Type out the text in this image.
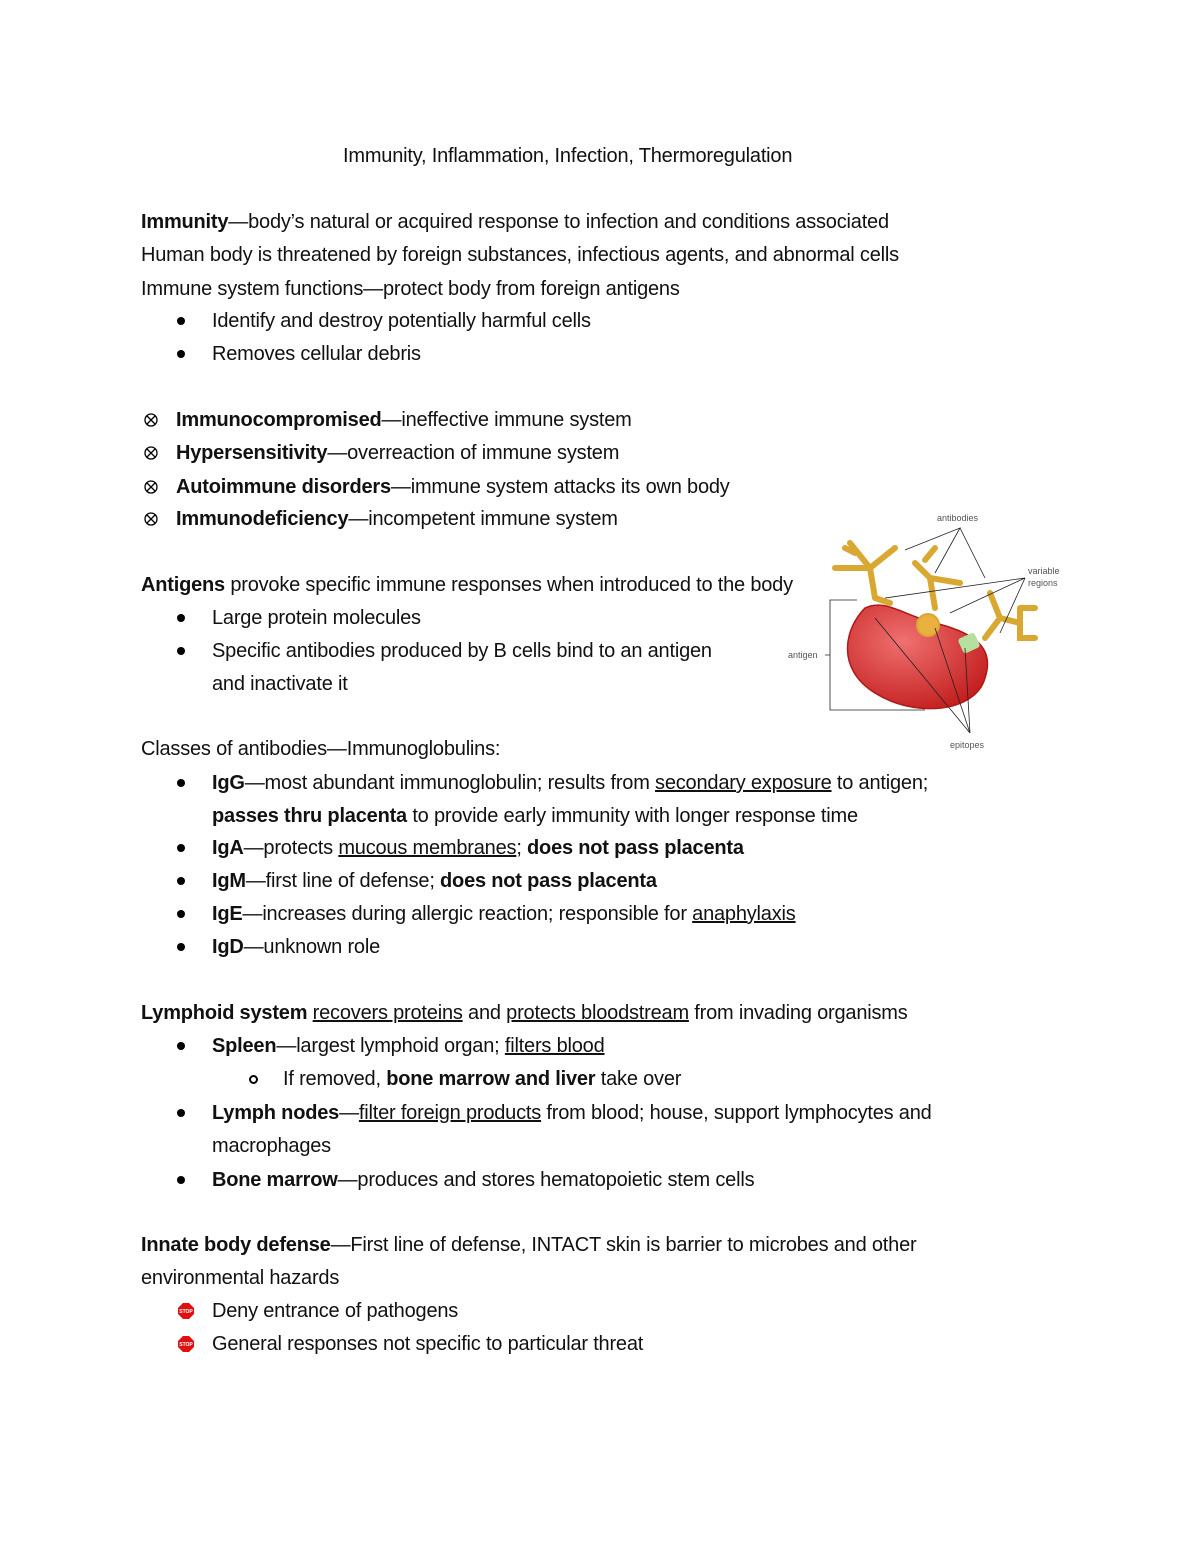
Immunity, Inflammation, Infection, Thermoregulation
Immunity—body’s natural or acquired response to infection and conditions associated
Human body is threatened by foreign substances, infectious agents, and abnormal cells
Immune system functions—protect body from foreign antigens
Identify and destroy potentially harmful cells
Removes cellular debris
Immunocompromised—ineffective immune system
Hypersensitivity—overreaction of immune system
Autoimmune disorders—immune system attacks its own body
Immunodeficiency—incompetent immune system
Antigens provoke specific immune responses when introduced to the body
Large protein molecules
Specific antibodies produced by B cells bind to an antigen
and inactivate it
Classes of antibodies—Immunoglobulins:
IgG—most abundant immunoglobulin; results from secondary exposure to antigen;
passes thru placenta to provide early immunity with longer response time
IgA—protects mucous membranes; does not pass placenta
IgM—first line of defense; does not pass placenta
IgE—increases during allergic reaction; responsible for anaphylaxis
IgD—unknown role
Lymphoid system recovers proteins and protects bloodstream from invading organisms
Spleen—largest lymphoid organ; filters blood
If removed, bone marrow and liver take over
Lymph nodes—filter foreign products from blood; house, support lymphocytes and
macrophages
Bone marrow—produces and stores hematopoietic stem cells
Innate body defense—First line of defense, INTACT skin is barrier to microbes and other
environmental hazards
STOP Deny entrance of pathogens
STOP General responses not specific to particular threat
antibodies
variable
regions
antigen
epitopes
